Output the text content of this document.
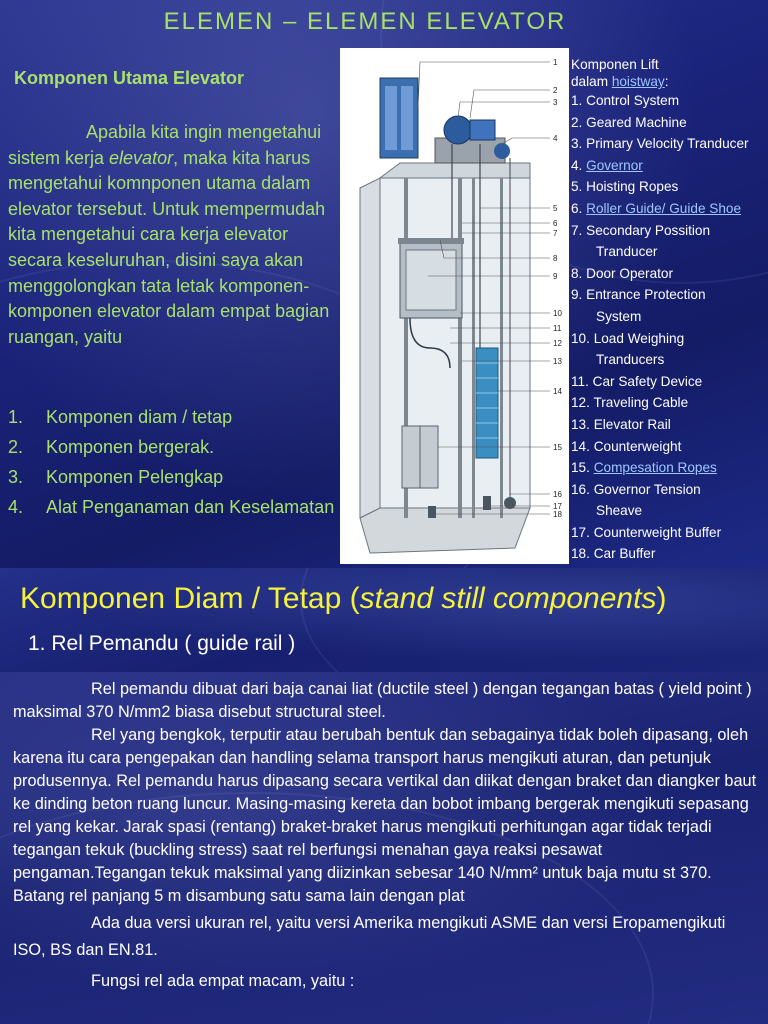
ELEMEN – ELEMEN ELEVATOR
Komponen Utama Elevator
Apabila kita ingin mengetahui sistem kerja elevator, maka kita harus mengetahui komnponen utama dalam elevator tersebut. Untuk mempermudah kita mengetahui cara kerja elevator secara keseluruhan, disini saya akan menggolongkan tata letak komponen-komponen elevator dalam empat bagian ruangan, yaitu
1.	Komponen diam / tetap
2.	Komponen bergerak.
3.	Komponen Pelengkap
4.	Alat Penganaman dan Keselamatan
1
2
3
4
5
6
7
8
9
10
11
12
13
14
15
16
17
18
Komponen Lift
dalam hoistway:
1. Control System
2. Geared Machine
3. Primary Velocity Tranducer
4. Governor
5. Hoisting Ropes
6. Roller Guide/ Guide Shoe
7. Secondary Possition
Tranducer
8. Door Operator
9. Entrance Protection
System
10. Load Weighing
Tranducers
11. Car Safety Device
12. Traveling Cable
13. Elevator Rail
14. Counterweight
15. Compesation Ropes
16. Governor Tension
Sheave
17. Counterweight Buffer
18. Car Buffer
Komponen Diam / Tetap (stand still components)
1. Rel Pemandu ( guide rail )

Rel pemandu dibuat dari baja canai liat (ductile steel ) dengan tegangan batas ( yield point ) maksimal 370 N/mm2 biasa disebut structural steel.

Rel yang bengkok, terputir atau berubah bentuk dan sebagainya tidak boleh dipasang, oleh karena itu cara pengepakan dan handling selama transport harus mengikuti aturan, dan petunjuk produsennya. Rel pemandu harus dipasang secara vertikal dan diikat dengan braket dan diangker baut ke dinding beton ruang luncur. Masing-masing kereta dan bobot imbang bergerak mengikuti sepasang rel yang kekar. Jarak spasi (rentang) braket-braket harus mengikuti perhitungan agar tidak terjadi tegangan tekuk (buckling stress) saat rel berfungsi menahan gaya reaksi pesawat pengaman.Tegangan tekuk maksimal yang diizinkan sebesar 140 N/mm² untuk baja mutu st 370. Batang rel panjang 5 m disambung satu sama lain dengan plat

Ada dua versi ukuran rel, yaitu versi Amerika mengikuti ASME dan versi Eropamengikuti ISO, BS dan EN.81.

Fungsi rel ada empat macam, yaitu :
